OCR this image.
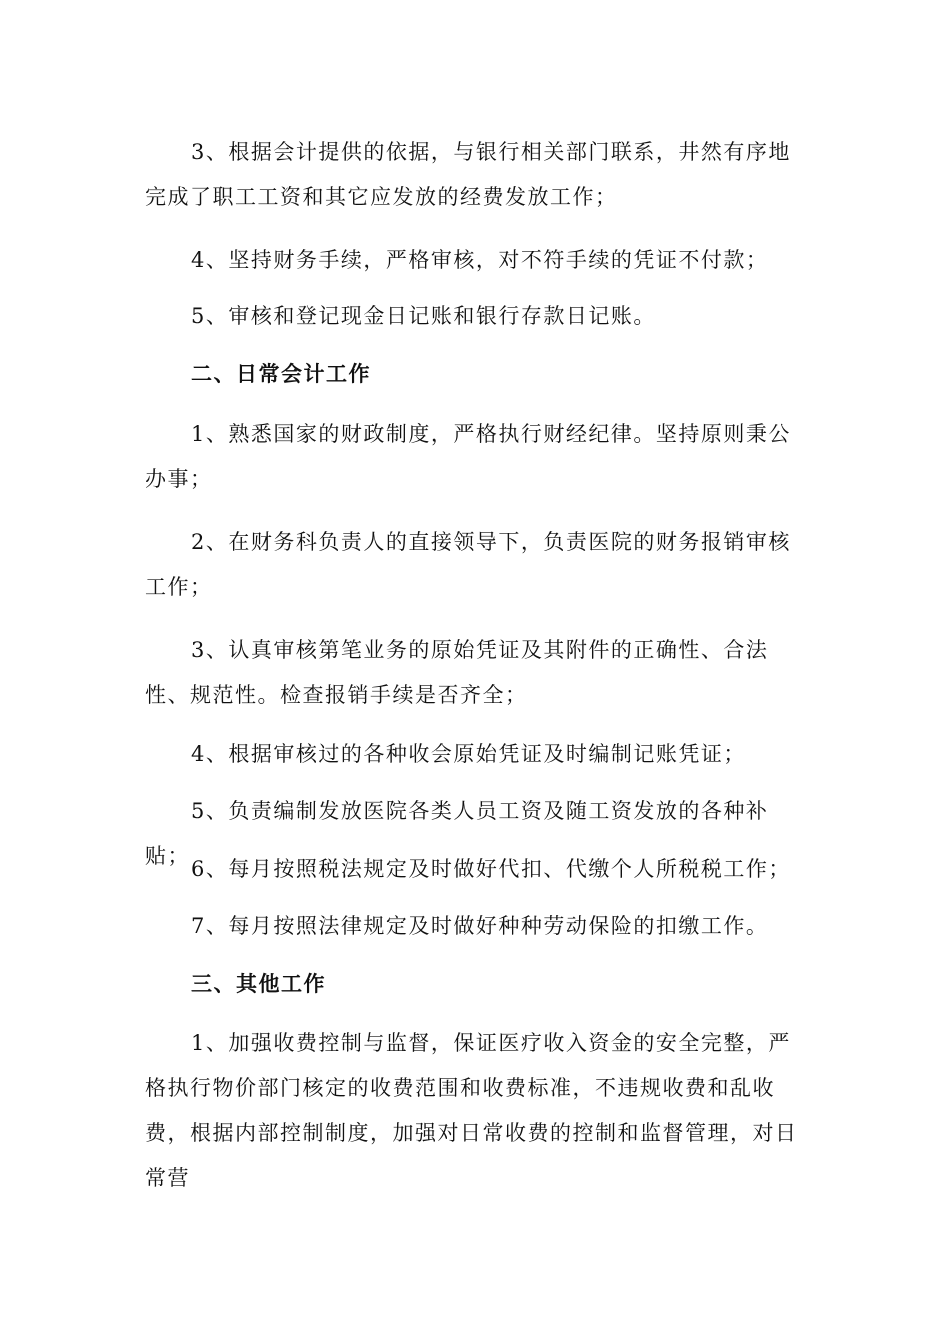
3、根据会计提供的依据，与银行相关部门联系，井然有序地完成了职工工资和其它应发放的经费发放工作；

4、坚持财务手续，严格审核，对不符手续的凭证不付款；

5、审核和登记现金日记账和银行存款日记账。

二、日常会计工作

1、熟悉国家的财政制度，严格执行财经纪律。坚持原则秉公办事；

2、在财务科负责人的直接领导下，负责医院的财务报销审核工作；

3、认真审核第笔业务的原始凭证及其附件的正确性、合法性、规范性。检查报销手续是否齐全；

4、根据审核过的各种收会原始凭证及时编制记账凭证；

5、负责编制发放医院各类人员工资及随工资发放的各种补贴；

6、每月按照税法规定及时做好代扣、代缴个人所税税工作；

7、每月按照法律规定及时做好种种劳动保险的扣缴工作。

三、其他工作

1、加强收费控制与监督，保证医疗收入资金的安全完整，严格执行物价部门核定的收费范围和收费标准，不违规收费和乱收费，根据内部控制制度，加强对日常收费的控制和监督管理，对日常营
